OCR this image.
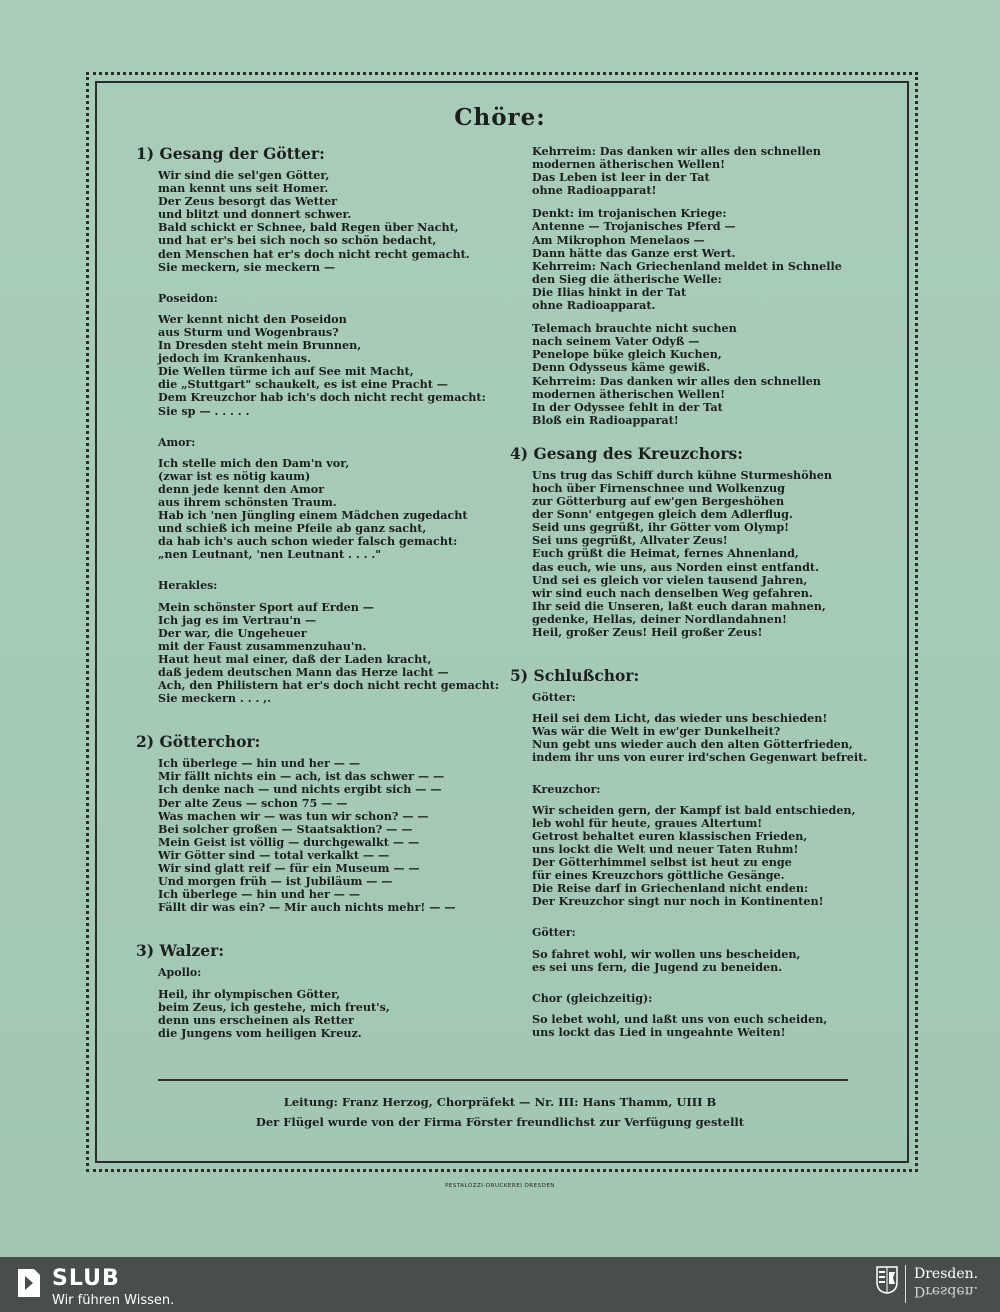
Chöre:
1) Gesang der Götter:
Wir sind die sel'gen Götter,
man kennt uns seit Homer.
Der Zeus besorgt das Wetter
und blitzt und donnert schwer.
Bald schickt er Schnee, bald Regen über Nacht,
und hat er's bei sich noch so schön bedacht,
den Menschen hat er's doch nicht recht gemacht.
Sie meckern, sie meckern —
Poseidon:
Wer kennt nicht den Poseidon
aus Sturm und Wogenbraus?
In Dresden steht mein Brunnen,
jedoch im Krankenhaus.
Die Wellen türme ich auf See mit Macht,
die „Stuttgart" schaukelt, es ist eine Pracht —
Dem Kreuzchor hab ich's doch nicht recht gemacht:
Sie sp — . . . . .
Amor:
Ich stelle mich den Dam'n vor,
(zwar ist es nötig kaum)
denn jede kennt den Amor
aus ihrem schönsten Traum.
Hab ich 'nen Jüngling einem Mädchen zugedacht
und schieß ich meine Pfeile ab ganz sacht,
da hab ich's auch schon wieder falsch gemacht:
„nen Leutnant, 'nen Leutnant . . . ."
Herakles:
Mein schönster Sport auf Erden —
Ich jag es im Vertrau'n —
Der war, die Ungeheuer
mit der Faust zusammenzuhau'n.
Haut heut mal einer, daß der Laden kracht,
daß jedem deutschen Mann das Herze lacht —
Ach, den Philistern hat er's doch nicht recht gemacht:
Sie meckern . . . ,.
2) Götterchor:
Ich überlege — hin und her — —
Mir fällt nichts ein — ach, ist das schwer — —
Ich denke nach — und nichts ergibt sich — —
Der alte Zeus — schon 75 — —
Was machen wir — was tun wir schon? — —
Bei solcher großen — Staatsaktion? — —
Mein Geist ist völlig — durchgewalkt — —
Wir Götter sind — total verkalkt — —
Wir sind glatt reif — für ein Museum — —
Und morgen früh — ist Jubiläum — —
Ich überlege — hin und her — —
Fällt dir was ein? — Mir auch nichts mehr! — —
3) Walzer:
Apollo:
Heil, ihr olympischen Götter,
beim Zeus, ich gestehe, mich freut's,
denn uns erscheinen als Retter
die Jungens vom heiligen Kreuz.
Kehrreim: Das danken wir alles den schnellen
modernen ätherischen Wellen!
Das Leben ist leer in der Tat
ohne Radioapparat!
Denkt: im trojanischen Kriege:
Antenne — Trojanisches Pferd —
Am Mikrophon Menelaos —
Dann hätte das Ganze erst Wert.
Kehrreim: Nach Griechenland meldet in Schnelle
den Sieg die ätherische Welle:
Die Ilias hinkt in der Tat
ohne Radioapparat.
Telemach brauchte nicht suchen
nach seinem Vater Odyß —
Penelope büke gleich Kuchen,
Denn Odysseus käme gewiß.
Kehrreim: Das danken wir alles den schnellen
modernen ätherischen Wellen!
In der Odyssee fehlt in der Tat
Bloß ein Radioapparat!
4) Gesang des Kreuzchors:
Uns trug das Schiff durch kühne Sturmeshöhen
hoch über Firnenschnee und Wolkenzug
zur Götterburg auf ew'gen Bergeshöhen
der Sonn' entgegen gleich dem Adlerflug.
Seid uns gegrüßt, ihr Götter vom Olymp!
Sei uns gegrüßt, Allvater Zeus!
Euch grüßt die Heimat, fernes Ahnenland,
das euch, wie uns, aus Norden einst entfandt.
Und sei es gleich vor vielen tausend Jahren,
wir sind euch nach denselben Weg gefahren.
Ihr seid die Unseren, laßt euch daran mahnen,
gedenke, Hellas, deiner Nordlandahnen!
Heil, großer Zeus! Heil großer Zeus!
5) Schlußchor:
Götter:
Heil sei dem Licht, das wieder uns beschieden!
Was wär die Welt in ew'ger Dunkelheit?
Nun gebt uns wieder auch den alten Götterfrieden,
indem ihr uns von eurer ird'schen Gegenwart befreit.
Kreuzchor:
Wir scheiden gern, der Kampf ist bald entschieden,
leb wohl für heute, graues Altertum!
Getrost behaltet euren klassischen Frieden,
uns lockt die Welt und neuer Taten Ruhm!
Der Götterhimmel selbst ist heut zu enge
für eines Kreuzchors göttliche Gesänge.
Die Reise darf in Griechenland nicht enden:
Der Kreuzchor singt nur noch in Kontinenten!
Götter:
So fahret wohl, wir wollen uns bescheiden,
es sei uns fern, die Jugend zu beneiden.
Chor (gleichzeitig):
So lebet wohl, und laßt uns von euch scheiden,
uns lockt das Lied in ungeahnte Weiten!
Leitung: Franz Herzog, Chorpräfekt — Nr. III: Hans Thamm, UIII B
Der Flügel wurde von der Firma Förster freundlichst zur Verfügung gestellt
PESTALOZZI-DRUCKEREI DRESDEN
SLUB
Wir führen Wissen.
Dresden.
Dresden.
